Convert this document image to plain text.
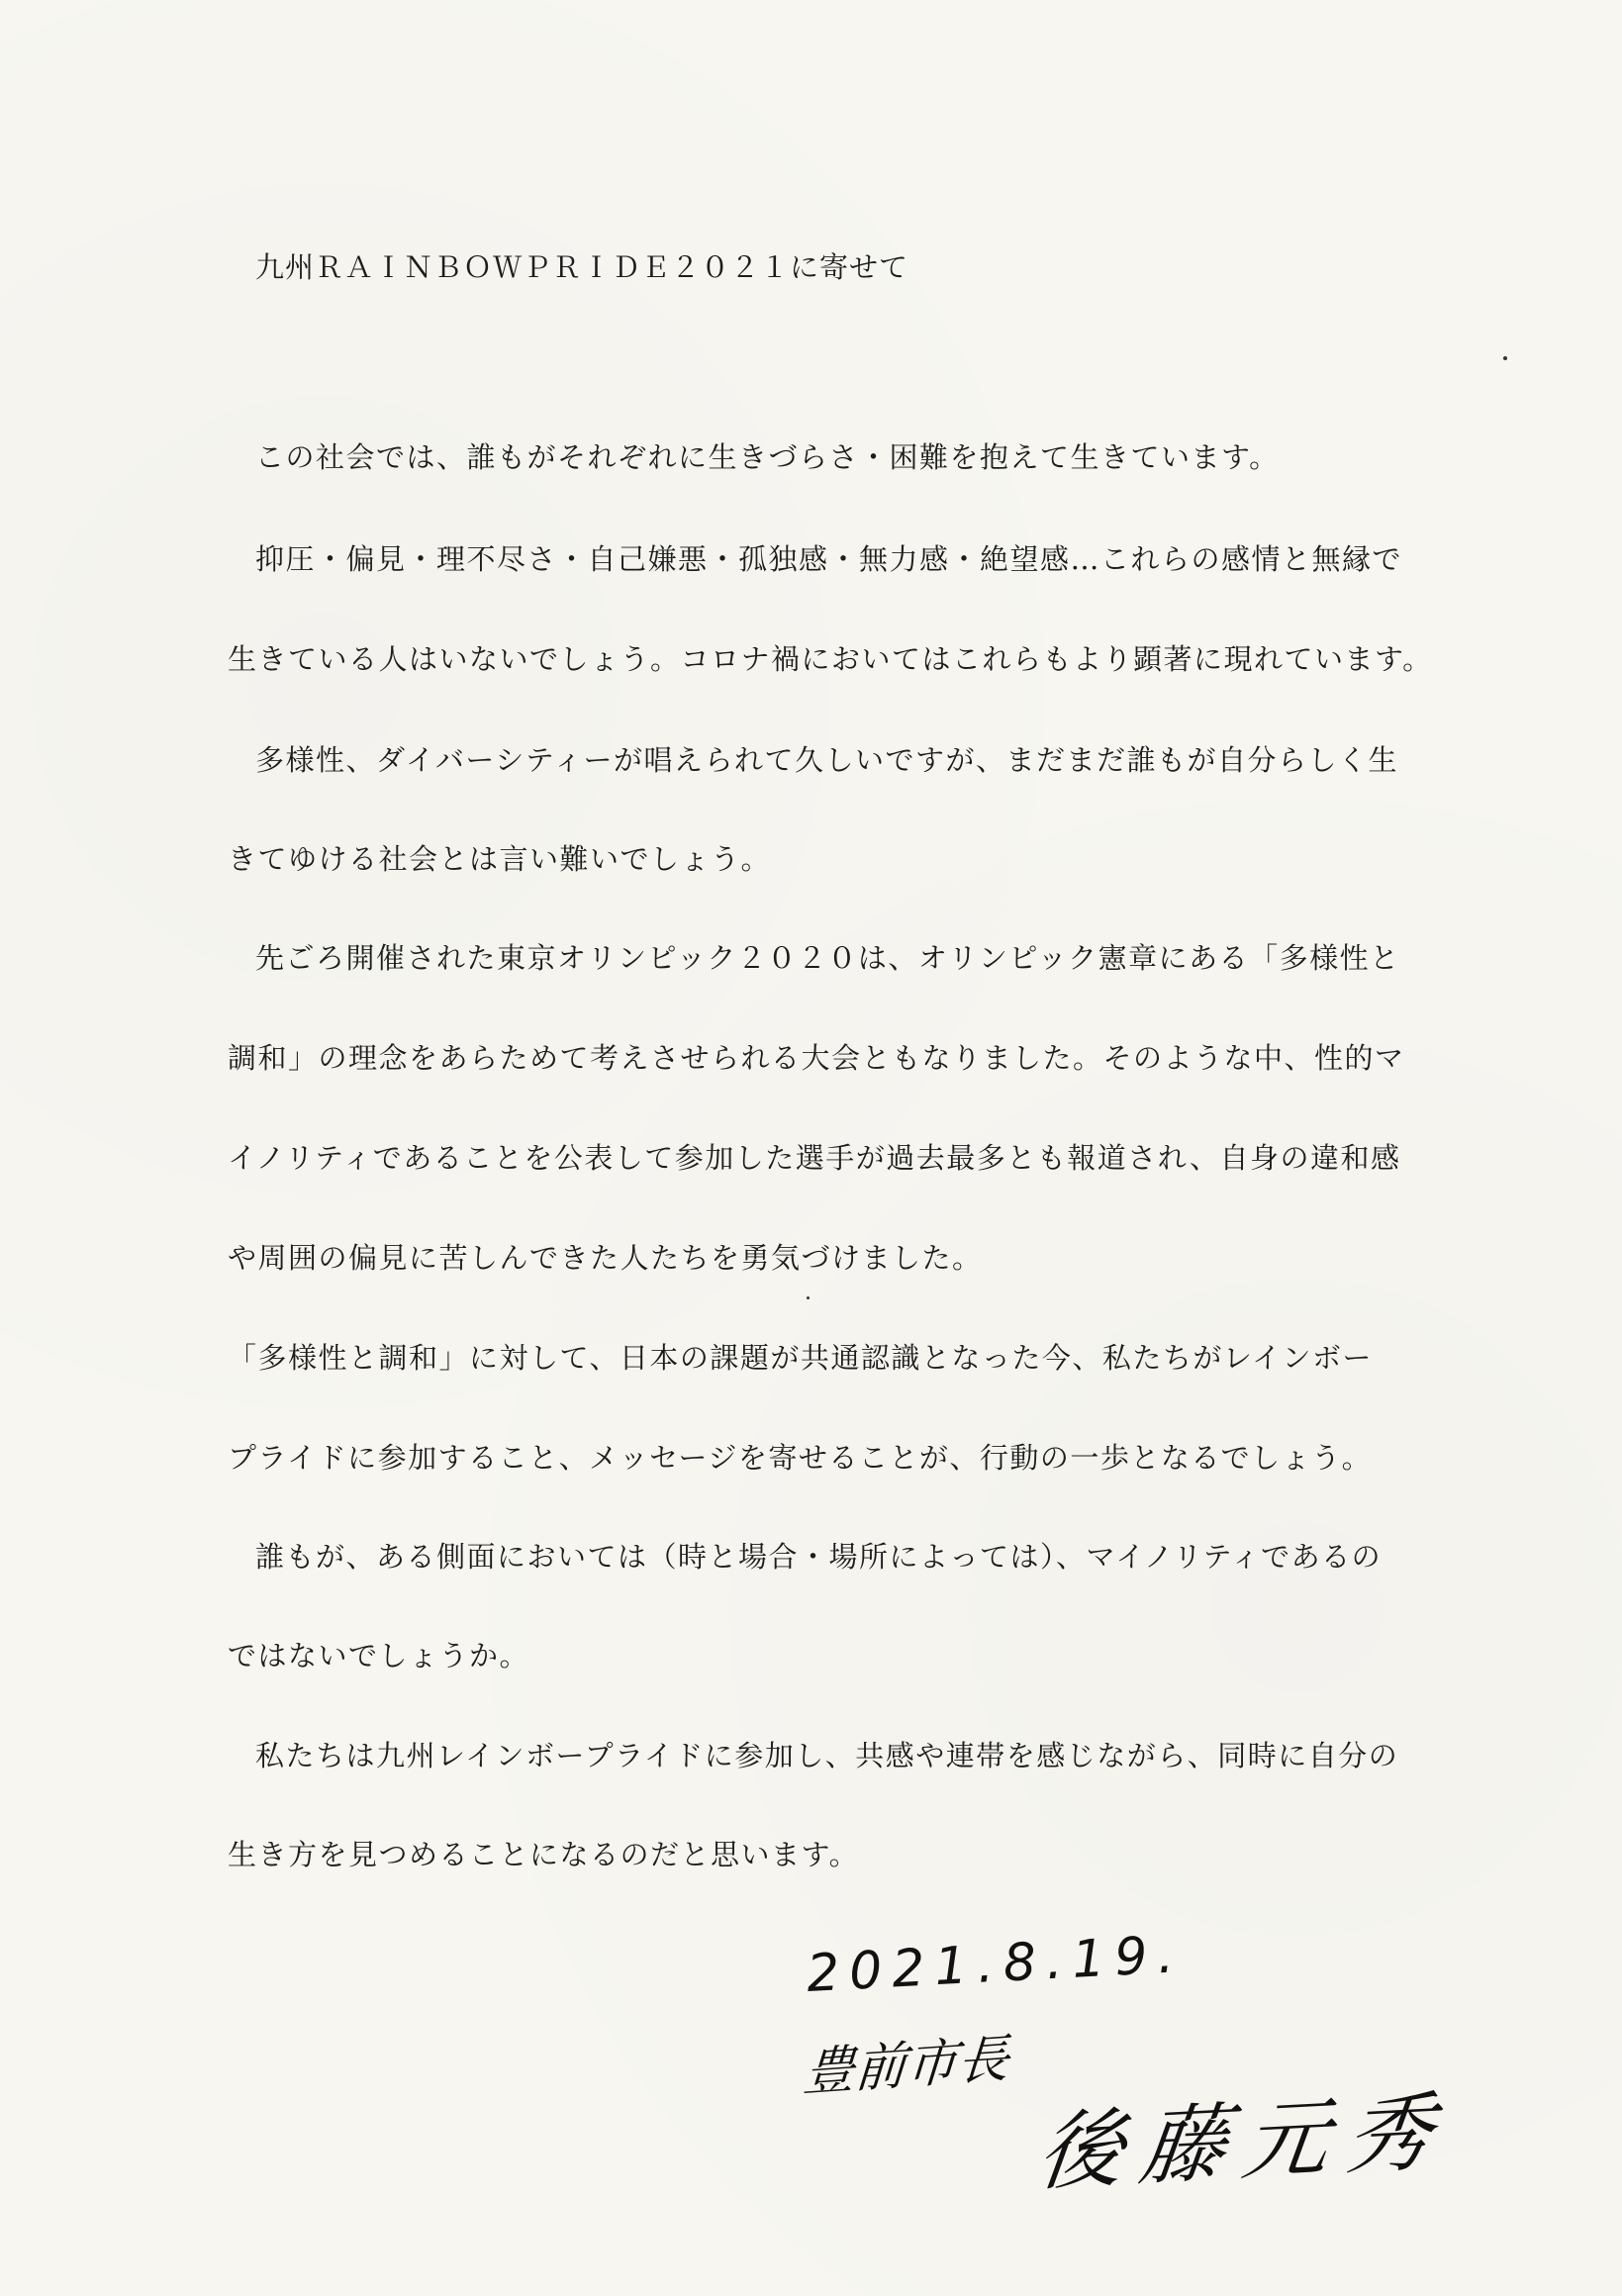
九州ＲＡＩＮＢＯＷＰＲＩＤＥ２０２１に寄せて
この社会では、誰もがそれぞれに生きづらさ・困難を抱えて生きています。
抑圧・偏見・理不尽さ・自己嫌悪・孤独感・無力感・絶望感…これらの感情と無縁で
生きている人はいないでしょう。コロナ禍においてはこれらもより顕著に現れています。
多様性、ダイバーシティーが唱えられて久しいですが、まだまだ誰もが自分らしく生
きてゆける社会とは言い難いでしょう。
先ごろ開催された東京オリンピック２０２０は、オリンピック憲章にある「多様性と
調和」の理念をあらためて考えさせられる大会ともなりました。そのような中、性的マ
イノリティであることを公表して参加した選手が過去最多とも報道され、自身の違和感
や周囲の偏見に苦しんできた人たちを勇気づけました。
「多様性と調和」に対して、日本の課題が共通認識となった今、私たちがレインボー
プライドに参加すること、メッセージを寄せることが、行動の一歩となるでしょう。
誰もが、ある側面においては（時と場合・場所によっては）、マイノリティであるの
ではないでしょうか。
私たちは九州レインボープライドに参加し、共感や連帯を感じながら、同時に自分の
生き方を見つめることになるのだと思います。
2021.8.19.
豊前市長
後藤元秀
